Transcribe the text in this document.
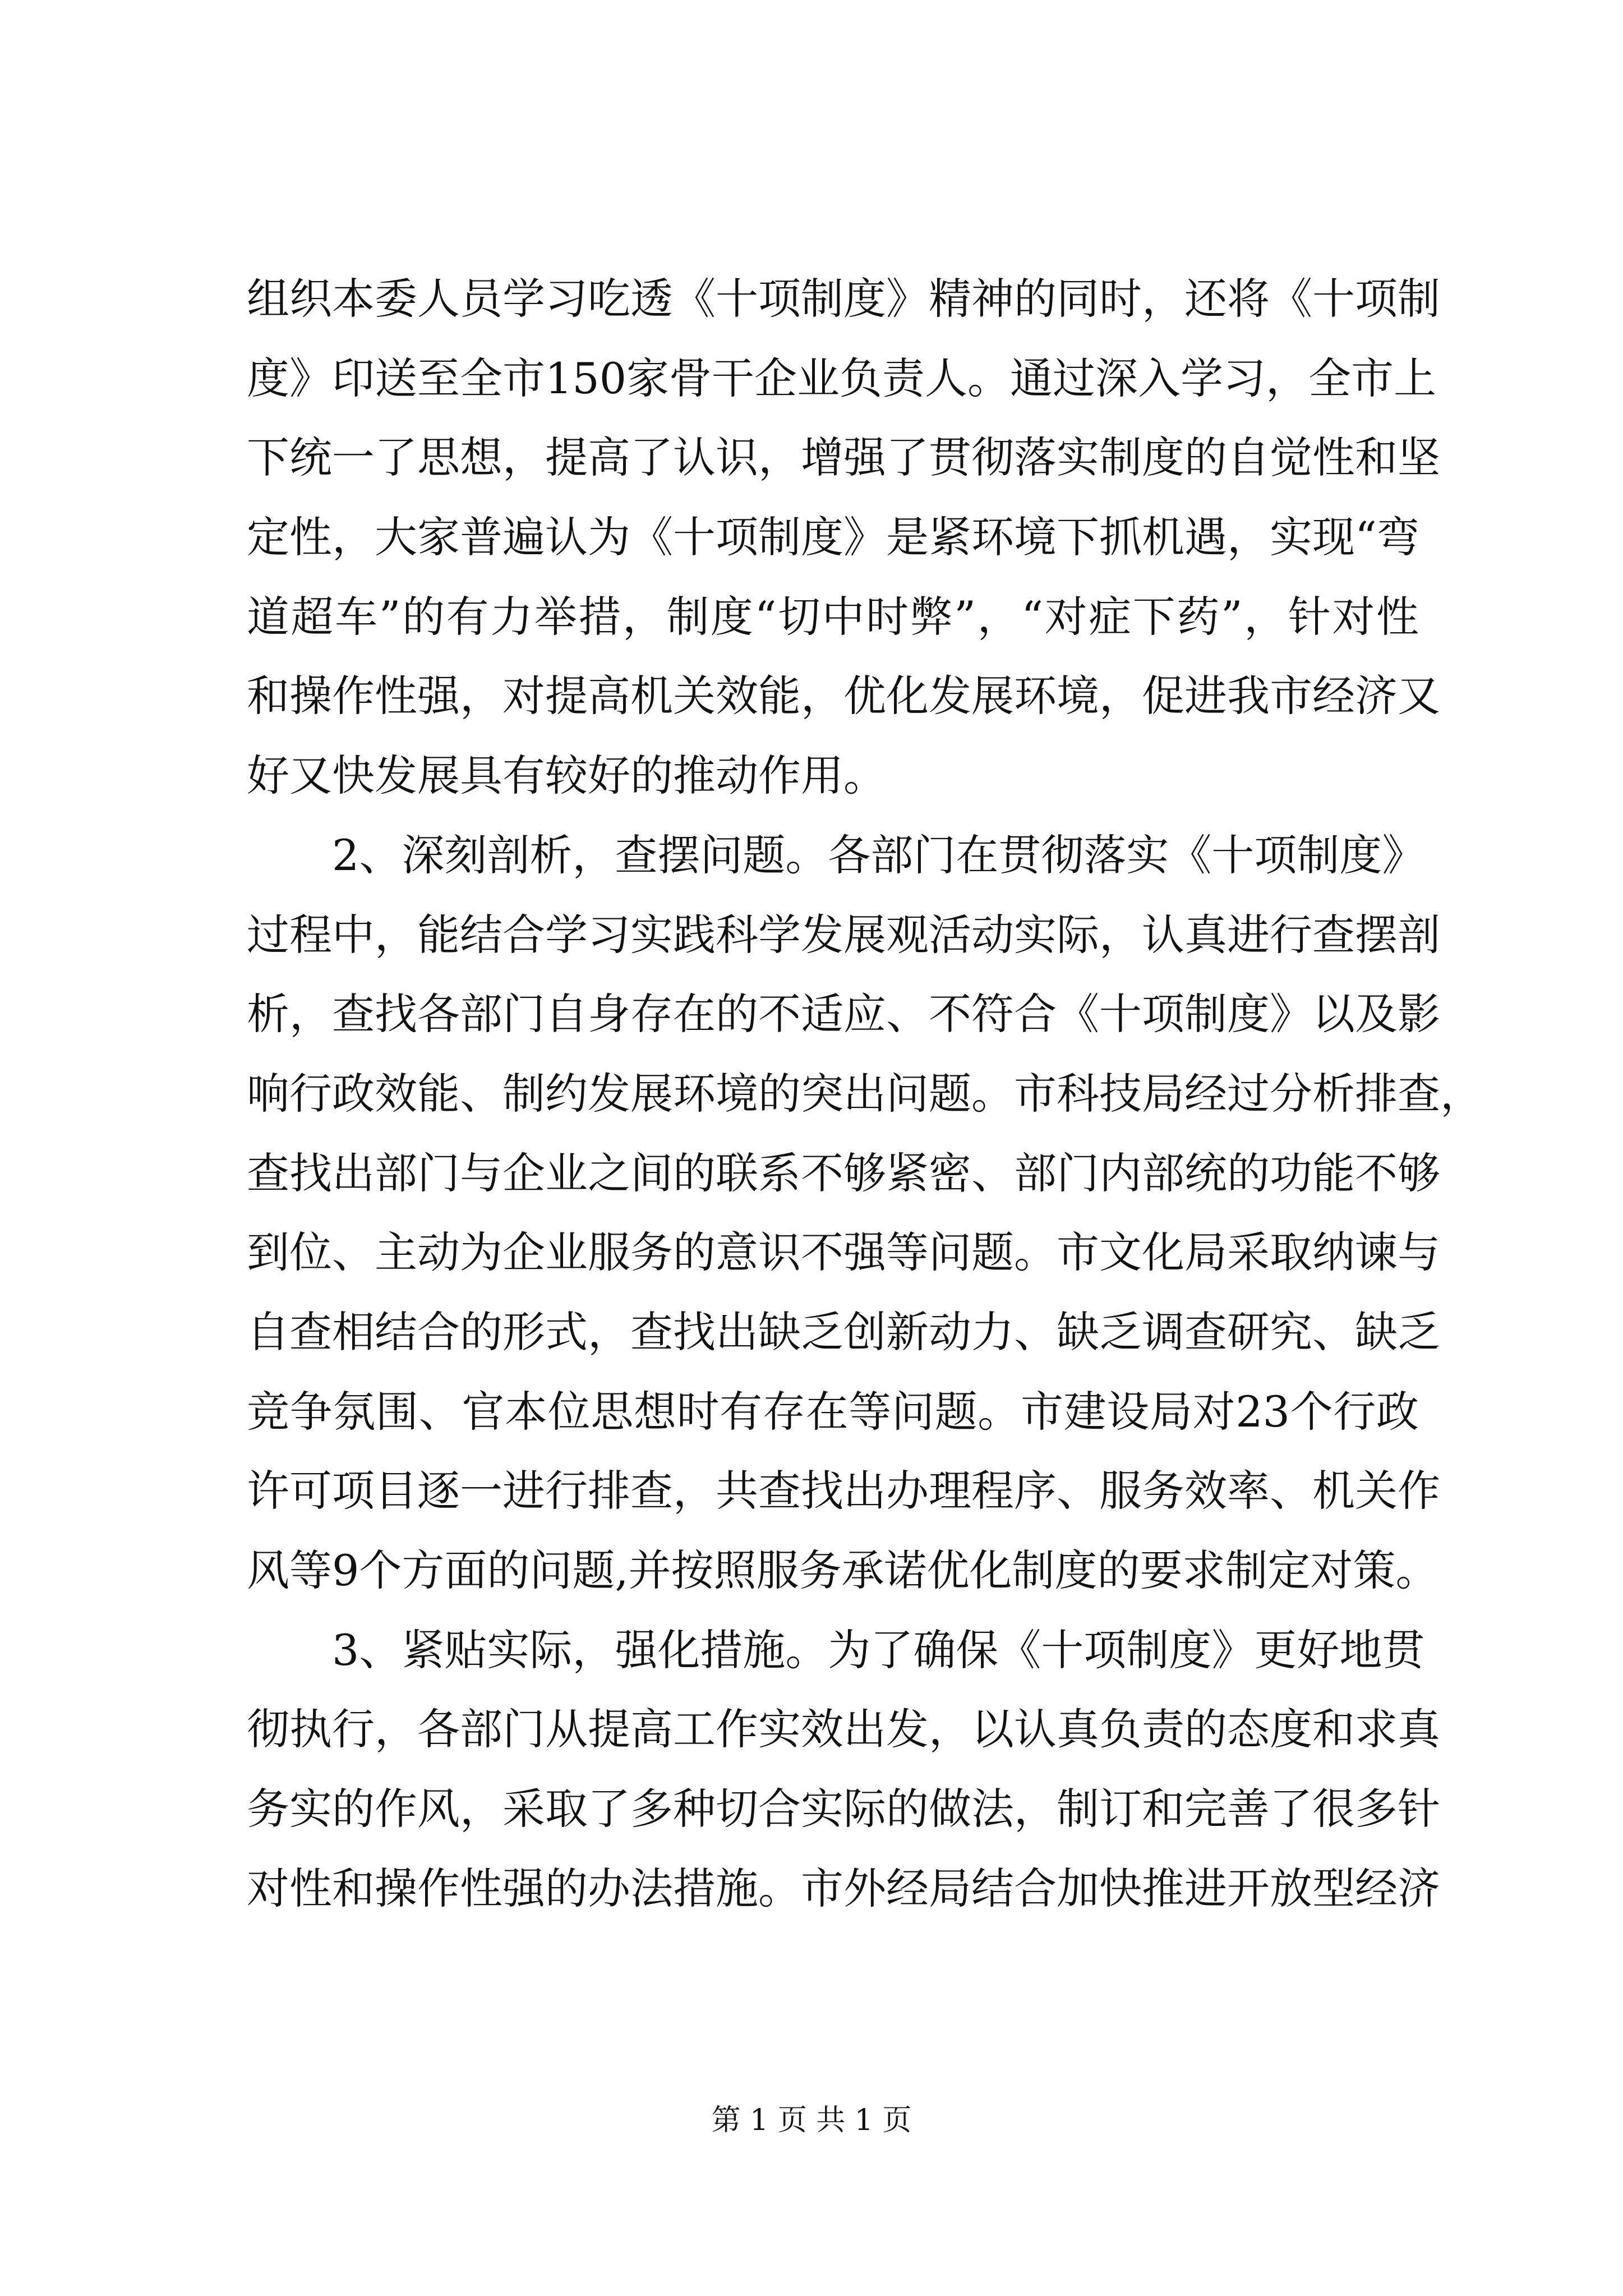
组织本委人员学习吃透《十项制度》精神的同时，还将《十项制
度》印送至全市150家骨干企业负责人。通过深入学习，全市上
下统一了思想，提高了认识，增强了贯彻落实制度的自觉性和坚
定性，大家普遍认为《十项制度》是紧环境下抓机遇，实现“弯
道超车”的有力举措，制度“切中时弊”，“对症下药”，针对性
和操作性强，对提高机关效能，优化发展环境，促进我市经济又
好又快发展具有较好的推动作用。
2、深刻剖析，查摆问题。各部门在贯彻落实《十项制度》
过程中，能结合学习实践科学发展观活动实际，认真进行查摆剖
析，查找各部门自身存在的不适应、不符合《十项制度》以及影
响行政效能、制约发展环境的突出问题。市科技局经过分析排查，
查找出部门与企业之间的联系不够紧密、部门内部统的功能不够
到位、主动为企业服务的意识不强等问题。市文化局采取纳谏与
自查相结合的形式，查找出缺乏创新动力、缺乏调查研究、缺乏
竞争氛围、官本位思想时有存在等问题。市建设局对23个行政
许可项目逐一进行排查，共查找出办理程序、服务效率、机关作
风等9个方面的问题,并按照服务承诺优化制度的要求制定对策。
3、紧贴实际，强化措施。为了确保《十项制度》更好地贯
彻执行，各部门从提高工作实效出发，以认真负责的态度和求真
务实的作风，采取了多种切合实际的做法，制订和完善了很多针
对性和操作性强的办法措施。市外经局结合加快推进开放型经济
第 1 页 共 1 页
